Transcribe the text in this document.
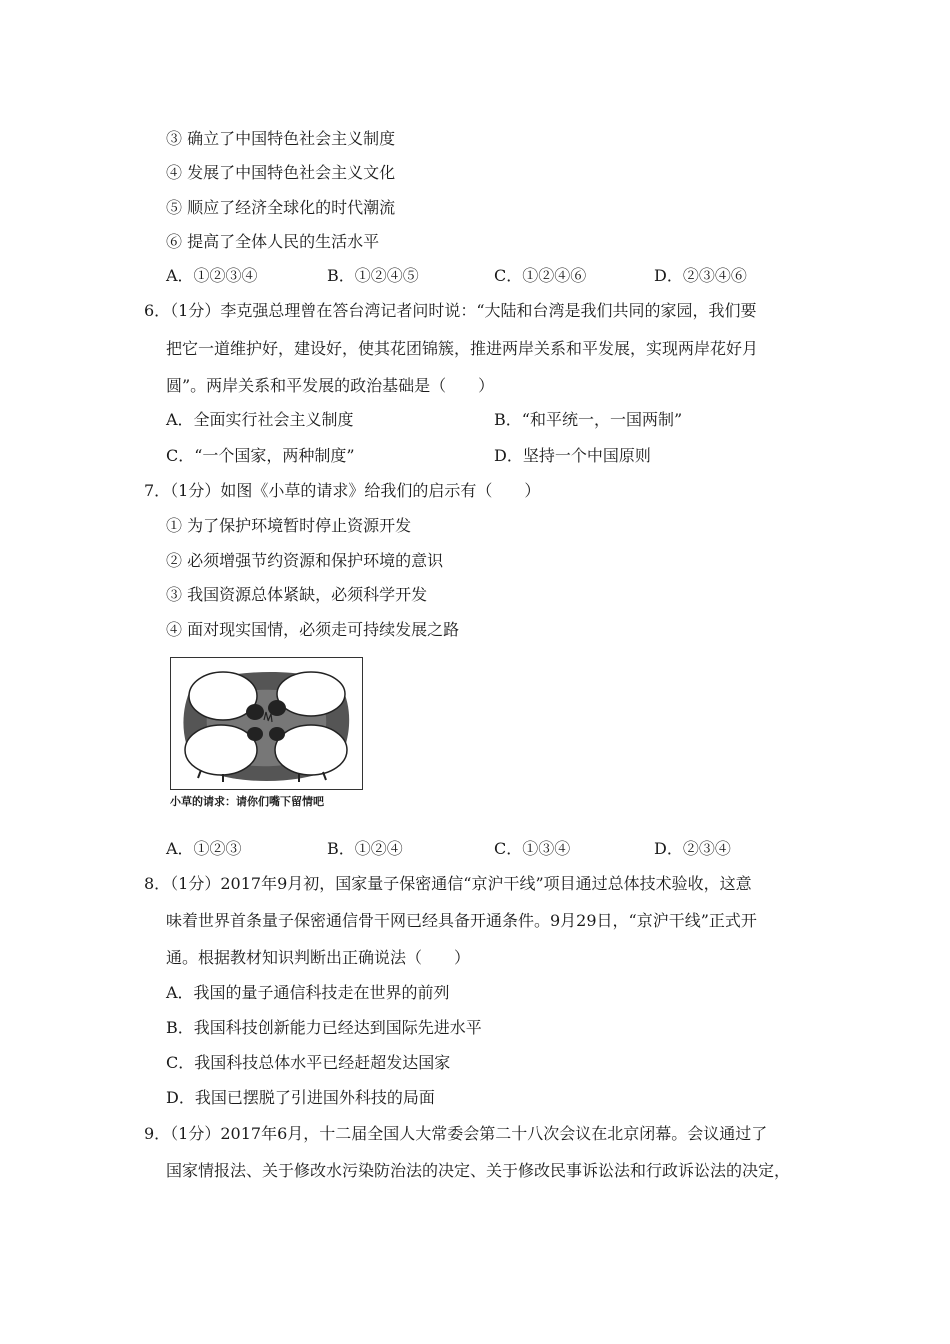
③ 确立了中国特色社会主义制度
④ 发展了中国特色社会主义文化
⑤ 顺应了经济全球化的时代潮流
⑥ 提高了全体人民的生活水平
A．①②③④	B．①②④⑤	C．①②④⑥	D．②③④⑥
6．（1分）李克强总理曾在答台湾记者问时说：“大陆和台湾是我们共同的家园，我们要
把它一道维护好，建设好，使其花团锦簇，推进两岸关系和平发展，实现两岸花好月
圆”。两岸关系和平发展的政治基础是（　　）
A．全面实行社会主义制度	B．“和平统一，一国两制”
C．“一个国家，两种制度”	D．坚持一个中国原则
7．（1分）如图《小草的请求》给我们的启示有（　　）
① 为了保护环境暂时停止资源开发
② 必须增强节约资源和保护环境的意识
③ 我国资源总体紧缺，必须科学开发
④ 面对现实国情，必须走可持续发展之路
小草的请求：请你们嘴下留情吧
A．①②③	B．①②④	C．①③④	D．②③④
8．（1分）2017年9月初，国家量子保密通信“京沪干线”项目通过总体技术验收，这意
味着世界首条量子保密通信骨干网已经具备开通条件。9月29日，“京沪干线”正式开
通。根据教材知识判断出正确说法（　　）
A．我国的量子通信科技走在世界的前列
B．我国科技创新能力已经达到国际先进水平
C．我国科技总体水平已经赶超发达国家
D．我国已摆脱了引进国外科技的局面
9．（1分）2017年6月，十二届全国人大常委会第二十八次会议在北京闭幕。会议通过了
国家情报法、关于修改水污染防治法的决定、关于修改民事诉讼法和行政诉讼法的决定，
